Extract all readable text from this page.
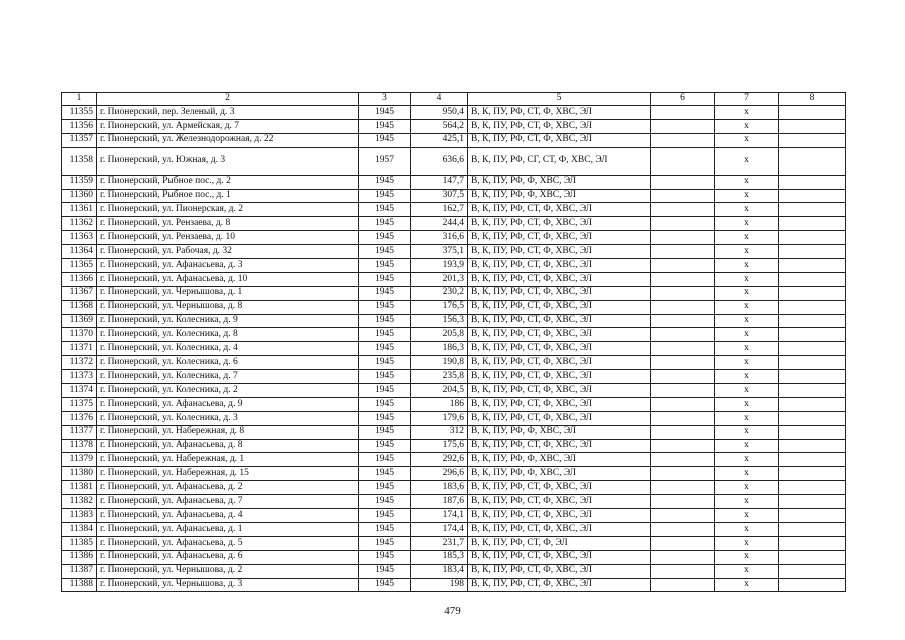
1	2	3	4	5	6	7	8
11355	г. Пионерский, пер. Зеленый, д. 3	1945	950,4	В, К, ПУ, РФ, СТ, Ф, ХВС, ЭЛ		х	
11356	г. Пионерский, ул. Армейская, д. 7	1945	564,2	В, К, ПУ, РФ, СТ, Ф, ХВС, ЭЛ		х	
11357	г. Пионерский, ул. Железнодорожная, д. 22	1945	425,1	В, К, ПУ, РФ, СТ, Ф, ХВС, ЭЛ		х	
11358	г. Пионерский, ул. Южная, д. 3	1957	636,6	В, К, ПУ, РФ, СГ, СТ, Ф, ХВС, ЭЛ		х	
11359	г. Пионерский, Рыбное пос., д. 2	1945	147,7	В, К, ПУ, РФ, Ф, ХВС, ЭЛ		х	
11360	г. Пионерский, Рыбное пос., д. 1	1945	307,5	В, К, ПУ, РФ, Ф, ХВС, ЭЛ		х	
11361	г. Пионерский, ул. Пионерская, д. 2	1945	162,7	В, К, ПУ, РФ, СТ, Ф, ХВС, ЭЛ		х	
11362	г. Пионерский, ул. Рензаева, д. 8	1945	244,4	В, К, ПУ, РФ, СТ, Ф, ХВС, ЭЛ		х	
11363	г. Пионерский, ул. Рензаева, д. 10	1945	316,6	В, К, ПУ, РФ, СТ, Ф, ХВС, ЭЛ		х	
11364	г. Пионерский, ул. Рабочая, д. 32	1945	375,1	В, К, ПУ, РФ, СТ, Ф, ХВС, ЭЛ		х	
11365	г. Пионерский, ул. Афанасьева, д. 3	1945	193,9	В, К, ПУ, РФ, СТ, Ф, ХВС, ЭЛ		х	
11366	г. Пионерский, ул. Афанасьева, д. 10	1945	201,3	В, К, ПУ, РФ, СТ, Ф, ХВС, ЭЛ		х	
11367	г. Пионерский, ул. Чернышова, д. 1	1945	230,2	В, К, ПУ, РФ, СТ, Ф, ХВС, ЭЛ		х	
11368	г. Пионерский, ул. Чернышова, д. 8	1945	176,5	В, К, ПУ, РФ, СТ, Ф, ХВС, ЭЛ		х	
11369	г. Пионерский, ул. Колесника, д. 9	1945	156,3	В, К, ПУ, РФ, СТ, Ф, ХВС, ЭЛ		х	
11370	г. Пионерский, ул. Колесника, д. 8	1945	205,8	В, К, ПУ, РФ, СТ, Ф, ХВС, ЭЛ		х	
11371	г. Пионерский, ул. Колесника, д. 4	1945	186,3	В, К, ПУ, РФ, СТ, Ф, ХВС, ЭЛ		х	
11372	г. Пионерский, ул. Колесника, д. 6	1945	190,8	В, К, ПУ, РФ, СТ, Ф, ХВС, ЭЛ		х	
11373	г. Пионерский, ул. Колесника, д. 7	1945	235,8	В, К, ПУ, РФ, СТ, Ф, ХВС, ЭЛ		х	
11374	г. Пионерский, ул. Колесника, д. 2	1945	204,5	В, К, ПУ, РФ, СТ, Ф, ХВС, ЭЛ		х	
11375	г. Пионерский, ул. Афанасьева, д. 9	1945	186	В, К, ПУ, РФ, СТ, Ф, ХВС, ЭЛ		х	
11376	г. Пионерский, ул. Колесника, д. 3	1945	179,6	В, К, ПУ, РФ, СТ, Ф, ХВС, ЭЛ		х	
11377	г. Пионерский, ул. Набережная, д. 8	1945	312	В, К, ПУ, РФ, Ф, ХВС, ЭЛ		х	
11378	г. Пионерский, ул. Афанасьева, д. 8	1945	175,6	В, К, ПУ, РФ, СТ, Ф, ХВС, ЭЛ		х	
11379	г. Пионерский, ул. Набережная, д. 1	1945	292,6	В, К, ПУ, РФ, Ф, ХВС, ЭЛ		х	
11380	г. Пионерский, ул. Набережная, д. 15	1945	296,6	В, К, ПУ, РФ, Ф, ХВС, ЭЛ		х	
11381	г. Пионерский, ул. Афанасьева, д. 2	1945	183,6	В, К, ПУ, РФ, СТ, Ф, ХВС, ЭЛ		х	
11382	г. Пионерский, ул. Афанасьева, д. 7	1945	187,6	В, К, ПУ, РФ, СТ, Ф, ХВС, ЭЛ		х	
11383	г. Пионерский, ул. Афанасьева, д. 4	1945	174,1	В, К, ПУ, РФ, СТ, Ф, ХВС, ЭЛ		х	
11384	г. Пионерский, ул. Афанасьева, д. 1	1945	174,4	В, К, ПУ, РФ, СТ, Ф, ХВС, ЭЛ		х	
11385	г. Пионерский, ул. Афанасьева, д. 5	1945	231,7	В, К, ПУ, РФ, СТ, Ф, ЭЛ		х	
11386	г. Пионерский, ул. Афанасьева, д. 6	1945	185,3	В, К, ПУ, РФ, СТ, Ф, ХВС, ЭЛ		х	
11387	г. Пионерский, ул. Чернышова, д. 2	1945	183,4	В, К, ПУ, РФ, СТ, Ф, ХВС, ЭЛ		х	
11388	г. Пионерский, ул. Чернышова, д. 3	1945	198	В, К, ПУ, РФ, СТ, Ф, ХВС, ЭЛ		х	
479
